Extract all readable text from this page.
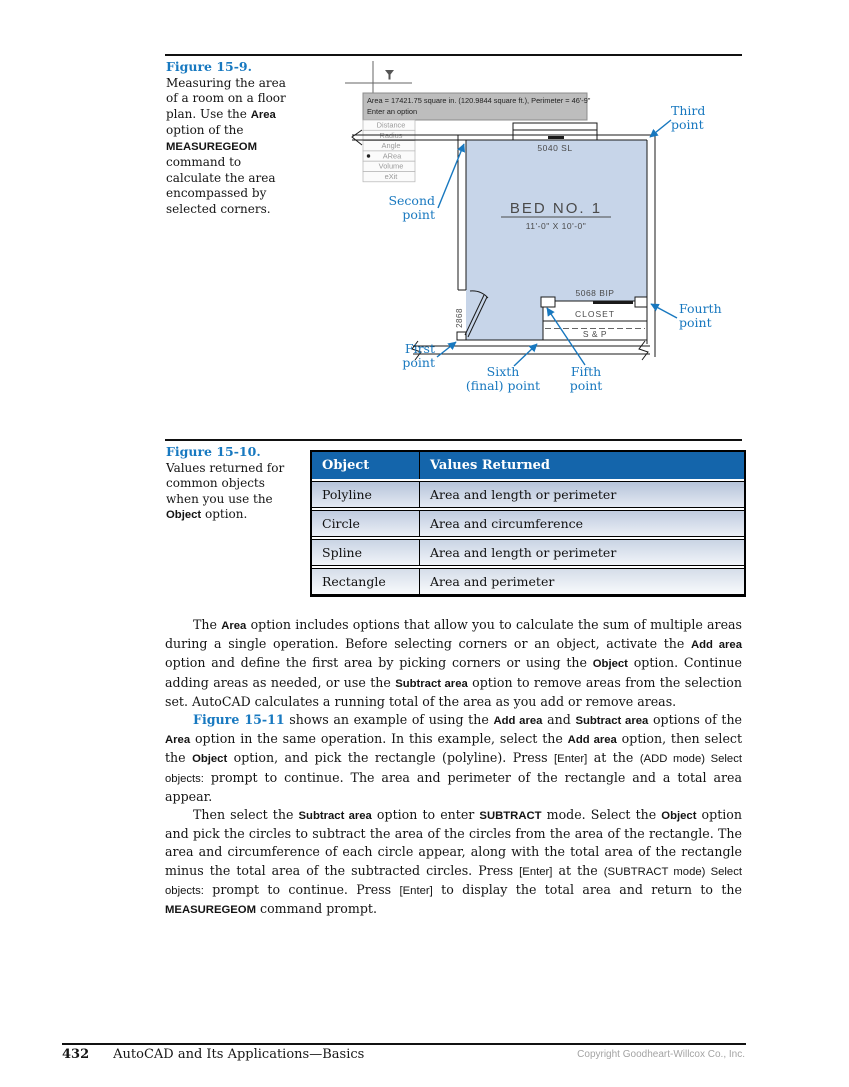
Figure 15-9.
Measuring the area of a room on a floor plan. Use the Area option of the MEASUREGEOM command to calculate the area encompassed by selected corners.
Area = 17421.75 square in. (120.9844 square ft.), Perimeter = 46'-9"
Enter an option
Distance
Radius
Angle
ARea
Volume
eXit
5040 SL
BED NO. 1
11'-0" X 10'-0"
2868
5068 BIP
CLOSET
S & P
Third
point
Second
point
First
point
Fourth
point
Sixth
(final) point
Fifth
point
Figure 15-10.
Values returned for common objects when you use the Object option.
Object	Values Returned
Polyline	Area and length or perimeter
Circle	Area and circumference
Spline	Area and length or perimeter
Rectangle	Area and perimeter

The Area option includes options that allow you to calculate the sum of multiple areas during a single operation. Before selecting corners or an object, activate the Add area option and define the first area by picking corners or using the Object option. Continue adding areas as needed, or use the Subtract area option to remove areas from the selection set. AutoCAD calculates a running total of the area as you add or remove areas.

Figure 15-11 shows an example of using the Add area and Subtract area options of the Area option in the same operation. In this example, select the Add area option, then select the Object option, and pick the rectangle (polyline). Press [Enter] at the (ADD mode) Select objects: prompt to continue. The area and perimeter of the rectangle and a total area appear.

Then select the Subtract area option to enter SUBTRACT mode. Select the Object option and pick the circles to subtract the area of the circles from the area of the rectangle. The area and circumference of each circle appear, along with the total area of the rectangle minus the total area of the subtracted circles. Press [Enter] at the (SUBTRACT mode) Select objects: prompt to continue. Press [Enter] to display the total area and return to the MEASUREGEOM command prompt.

432 AutoCAD and Its Applications—Basics	Copyright Goodheart-Willcox Co., Inc.
